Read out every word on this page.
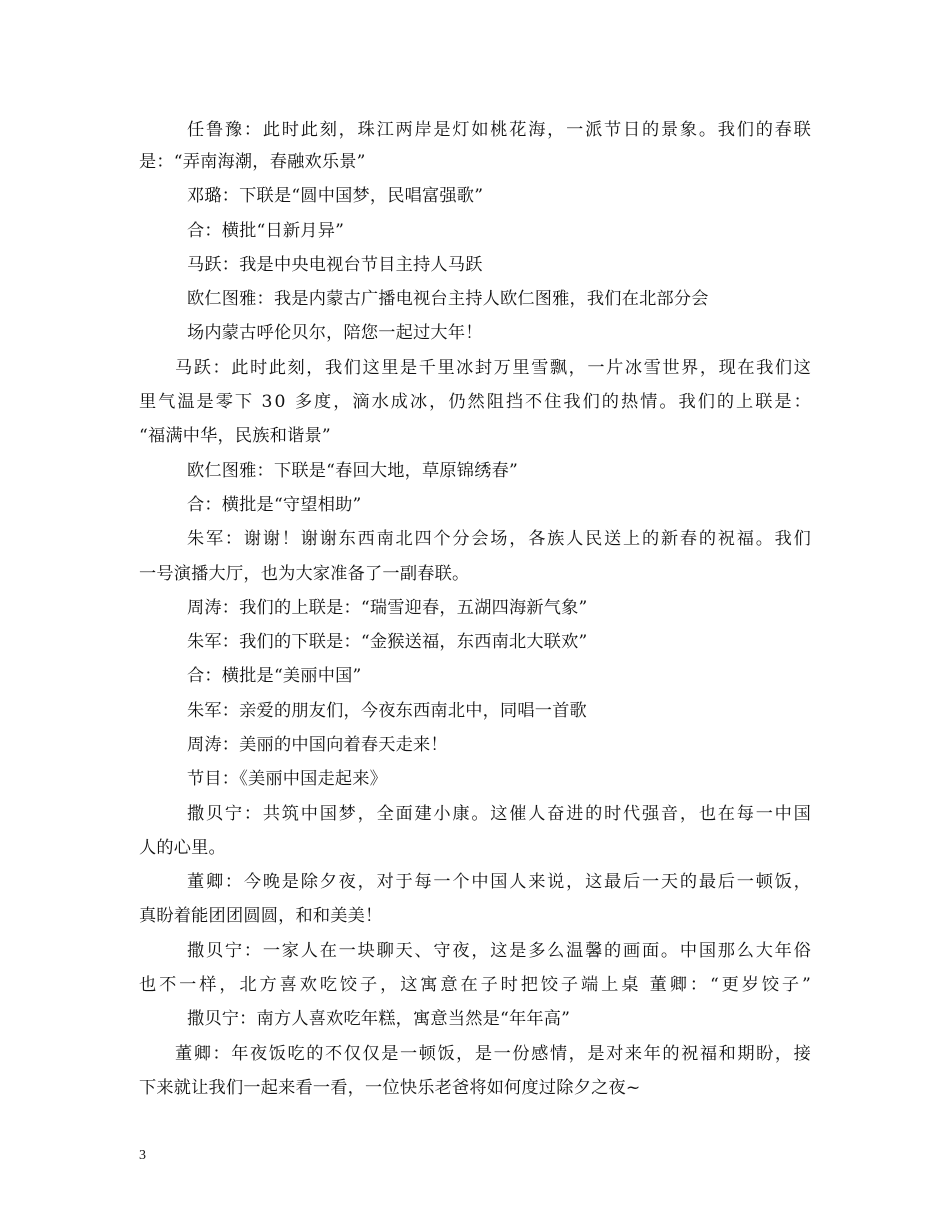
任鲁豫：此时此刻，珠江两岸是灯如桃花海，一派节日的景象。我们的春联
是：“弄南海潮，春融欢乐景”
邓璐：下联是“圆中国梦，民唱富强歌”
合：横批“日新月异”
马跃：我是中央电视台节目主持人马跃
欧仁图雅：我是内蒙古广播电视台主持人欧仁图雅，我们在北部分会
场内蒙古呼伦贝尔，陪您一起过大年！
马跃：此时此刻，我们这里是千里冰封万里雪飘，一片冰雪世界，现在我们这
里气温是零下 30 多度，滴水成冰，仍然阻挡不住我们的热情。我们的上联是：
“福满中华，民族和谐景”
欧仁图雅：下联是“春回大地，草原锦绣春”
合：横批是“守望相助”
朱军：谢谢！谢谢东西南北四个分会场，各族人民送上的新春的祝福。我们
一号演播大厅，也为大家准备了一副春联。
周涛：我们的上联是：“瑞雪迎春，五湖四海新气象”
朱军：我们的下联是：“金猴送福，东西南北大联欢”
合：横批是“美丽中国”
朱军：亲爱的朋友们，今夜东西南北中，同唱一首歌
周涛：美丽的中国向着春天走来！
节目：《美丽中国走起来》
撒贝宁：共筑中国梦，全面建小康。这催人奋进的时代强音，也在每一中国
人的心里。
董卿：今晚是除夕夜，对于每一个中国人来说，这最后一天的最后一顿饭，
真盼着能团团圆圆，和和美美！
撒贝宁：一家人在一块聊天、守夜，这是多么温馨的画面。中国那么大年俗
也不一样，北方喜欢吃饺子，这寓意在子时把饺子端上桌 董卿：“更岁饺子”
撒贝宁：南方人喜欢吃年糕，寓意当然是“年年高”
董卿：年夜饭吃的不仅仅是一顿饭，是一份感情，是对来年的祝福和期盼，接
下来就让我们一起来看一看，一位快乐老爸将如何度过除夕之夜~
3
